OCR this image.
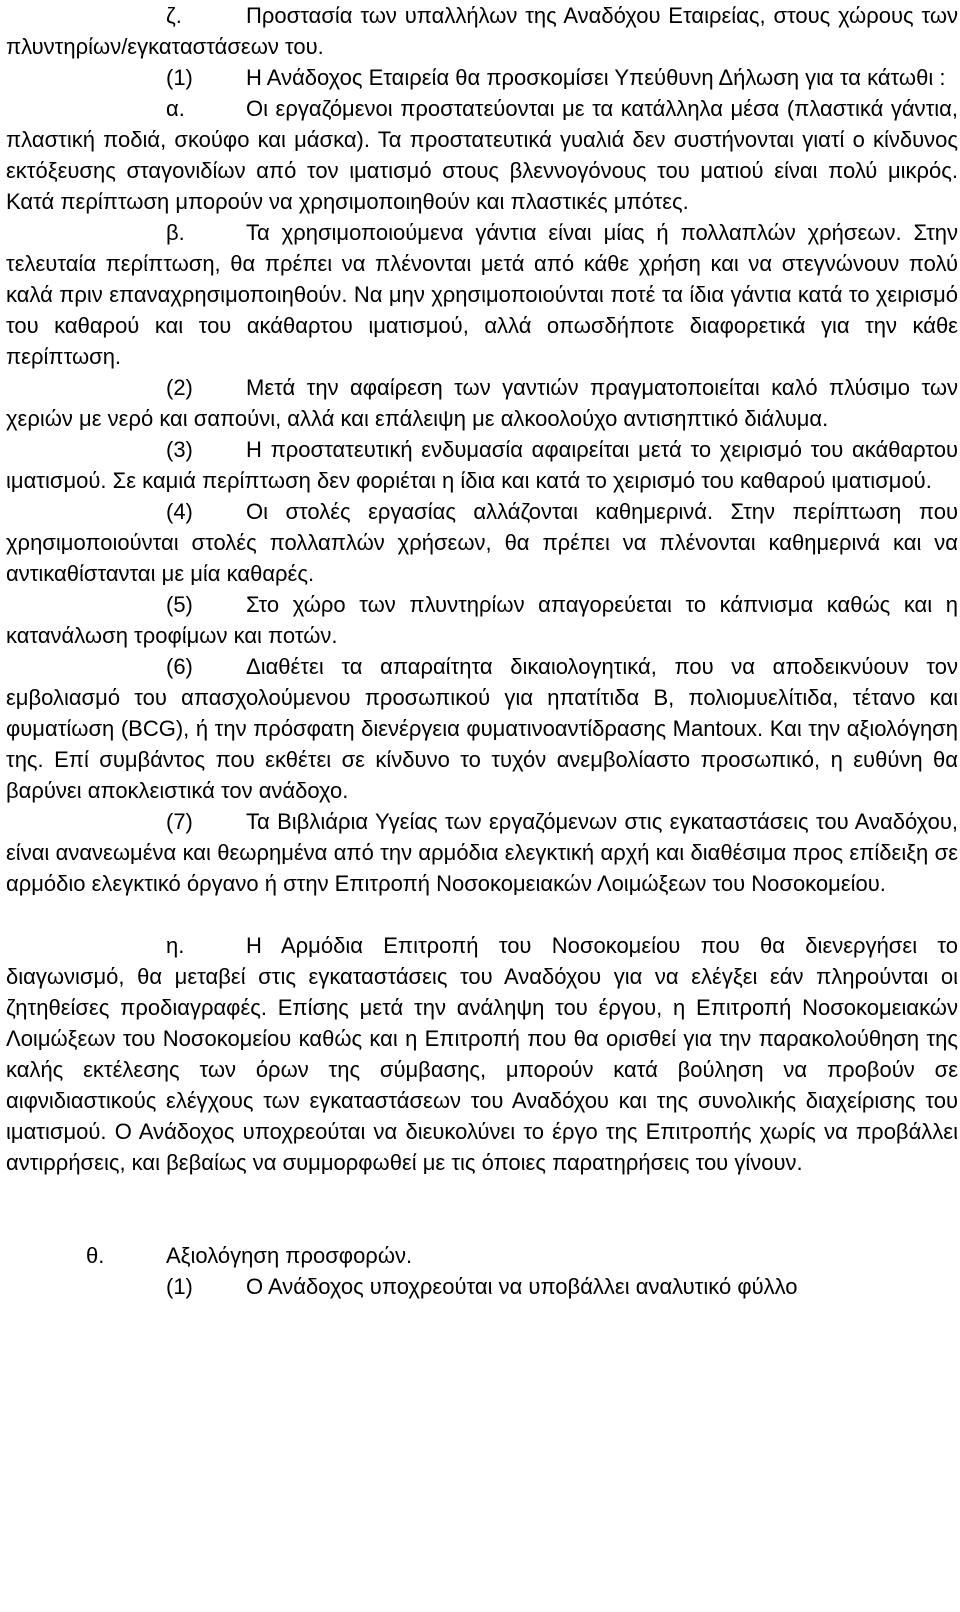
ζ.	Προστασία των υπαλλήλων της Αναδόχου Εταιρείας, στους χώρους των πλυντηρίων/εγκαταστάσεων του.

(1) Η Ανάδοχος Εταιρεία θα προσκομίσει Υπεύθυνη Δήλωση για τα κάτωθι :

α.	Οι εργαζόμενοι προστατεύονται με τα κατάλληλα μέσα (πλαστικά γάντια, πλαστική ποδιά, σκούφο και μάσκα). Τα προστατευτικά γυαλιά δεν συστήνονται γιατί ο κίνδυνος εκτόξευσης σταγονιδίων από τον ιματισμό στους βλεννογόνους του ματιού είναι πολύ μικρός. Κατά περίπτωση μπορούν να χρησιμοποιηθούν και πλαστικές μπότες.

β.	Τα χρησιμοποιούμενα γάντια είναι μίας ή πολλαπλών χρήσεων. Στην τελευταία περίπτωση, θα πρέπει να πλένονται μετά από κάθε χρήση και να στεγνώνουν πολύ καλά πριν επαναχρησιμοποιηθούν. Να μην χρησιμοποιούνται ποτέ τα ίδια γάντια κατά το χειρισμό του καθαρού και του ακάθαρτου ιματισμού, αλλά οπωσδήποτε διαφορετικά για την κάθε περίπτωση.

(2) Μετά την αφαίρεση των γαντιών πραγματοποιείται καλό πλύσιμο των χεριών με νερό και σαπούνι, αλλά και επάλειψη με αλκοολούχο αντισηπτικό διάλυμα.

(3) Η προστατευτική ενδυμασία αφαιρείται μετά το χειρισμό του ακάθαρτου ιματισμού. Σε καμιά περίπτωση δεν φοριέται η ίδια και κατά το χειρισμό του καθαρού ιματισμού.

(4) Οι στολές εργασίας αλλάζονται καθημερινά. Στην περίπτωση που χρησιμοποιούνται στολές πολλαπλών χρήσεων, θα πρέπει να πλένονται καθημερινά και να αντικαθίστανται με μία καθαρές.

(5) Στο χώρο των πλυντηρίων απαγορεύεται το κάπνισμα καθώς και η κατανάλωση τροφίμων και ποτών.

(6) Διαθέτει τα απαραίτητα δικαιολογητικά, που να αποδεικνύουν τον εμβολιασμό του απασχολούμενου προσωπικού για ηπατίτιδα Β, πολιομυελίτιδα, τέτανο και φυματίωση (BCG), ή την πρόσφατη διενέργεια φυματινοαντίδρασης Mantoux. Και την αξιολόγηση της. Επί συμβάντος που εκθέτει σε κίνδυνο το τυχόν ανεμβολίαστο προσωπικό, η ευθύνη θα βαρύνει αποκλειστικά τον ανάδοχο.

(7) Τα Βιβλιάρια Υγείας των εργαζόμενων στις εγκαταστάσεις του Αναδόχου, είναι ανανεωμένα και θεωρημένα από την αρμόδια ελεγκτική αρχή και διαθέσιμα προς επίδειξη σε αρμόδιο ελεγκτικό όργανο ή στην Επιτροπή Νοσοκομειακών Λοιμώξεων του Νοσοκομείου.

η.	Η Αρμόδια Επιτροπή του Νοσοκομείου που θα διενεργήσει το διαγωνισμό, θα μεταβεί στις εγκαταστάσεις του Αναδόχου για να ελέγξει εάν πληρούνται οι ζητηθείσες προδιαγραφές. Επίσης μετά την ανάληψη του έργου, η Επιτροπή Νοσοκομειακών Λοιμώξεων του Νοσοκομείου καθώς και η Επιτροπή που θα ορισθεί για την παρακολούθηση της καλής εκτέλεσης των όρων της σύμβασης, μπορούν κατά βούληση να προβούν σε αιφνιδιαστικούς ελέγχους των εγκαταστάσεων του Αναδόχου και της συνολικής διαχείρισης του ιματισμού. Ο Ανάδοχος υποχρεούται να διευκολύνει το έργο της Επιτροπής χωρίς να προβάλλει αντιρρήσεις, και βεβαίως να συμμορφωθεί με τις όποιες παρατηρήσεις του γίνουν.

θ.	Αξιολόγηση προσφορών.

(1) Ο Ανάδοχος υποχρεούται να υποβάλλει αναλυτικό φύλλο
